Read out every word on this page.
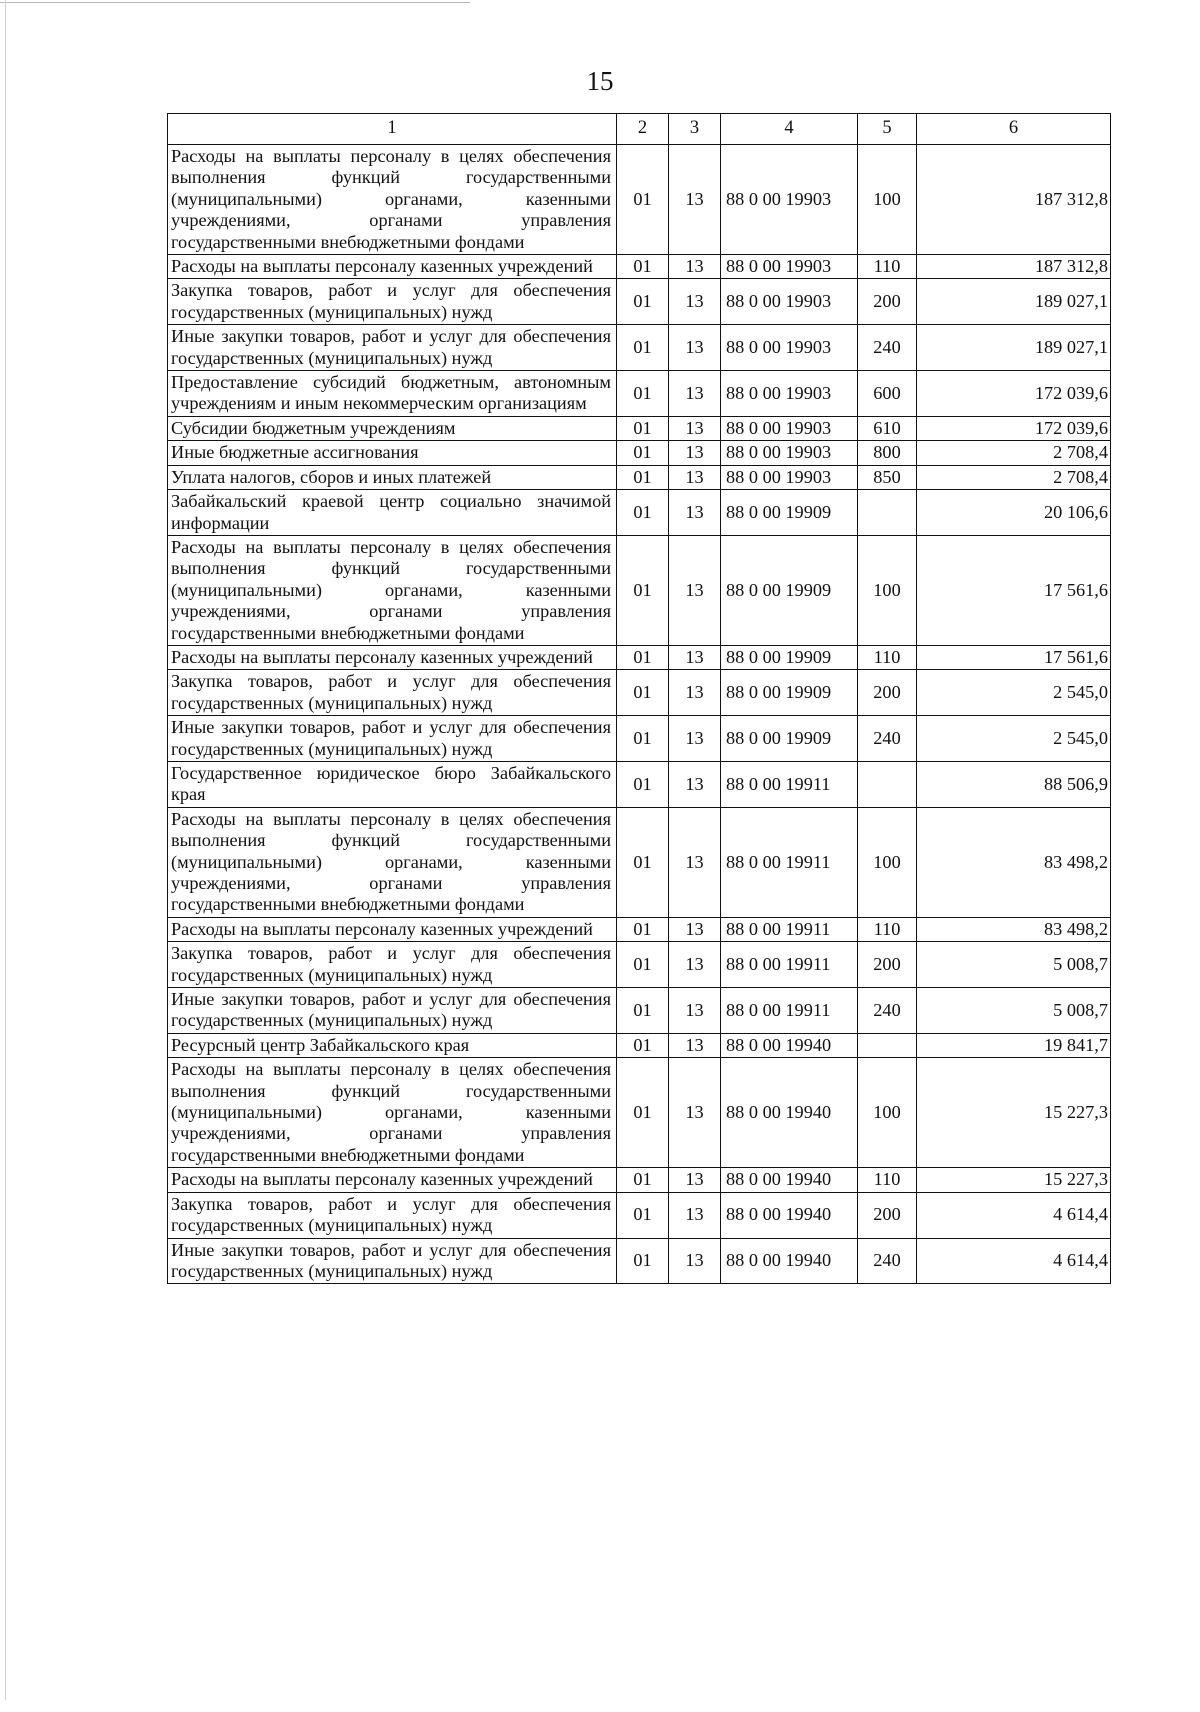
15
1	2	3	4	5	6
Расходы на выплаты персоналу в целях обеспечения выполнения функций государственными (муниципальными) органами, казенными учреждениями, органами управления государственными внебюджетными фондами	01	13	88 0 00 19903	100	187 312,8
Расходы на выплаты персоналу казенных учреждений	01	13	88 0 00 19903	110	187 312,8
Закупка товаров, работ и услуг для обеспечения государственных (муниципальных) нужд	01	13	88 0 00 19903	200	189 027,1
Иные закупки товаров, работ и услуг для обеспечения государственных (муниципальных) нужд	01	13	88 0 00 19903	240	189 027,1
Предоставление субсидий бюджетным, автономным учреждениям и иным некоммерческим организациям	01	13	88 0 00 19903	600	172 039,6
Субсидии бюджетным учреждениям	01	13	88 0 00 19903	610	172 039,6
Иные бюджетные ассигнования	01	13	88 0 00 19903	800	2 708,4
Уплата налогов, сборов и иных платежей	01	13	88 0 00 19903	850	2 708,4
Забайкальский краевой центр социально значимой информации	01	13	88 0 00 19909		20 106,6
Расходы на выплаты персоналу в целях обеспечения выполнения функций государственными (муниципальными) органами, казенными учреждениями, органами управления государственными внебюджетными фондами	01	13	88 0 00 19909	100	17 561,6
Расходы на выплаты персоналу казенных учреждений	01	13	88 0 00 19909	110	17 561,6
Закупка товаров, работ и услуг для обеспечения государственных (муниципальных) нужд	01	13	88 0 00 19909	200	2 545,0
Иные закупки товаров, работ и услуг для обеспечения государственных (муниципальных) нужд	01	13	88 0 00 19909	240	2 545,0
Государственное юридическое бюро Забайкальского края	01	13	88 0 00 19911		88 506,9
Расходы на выплаты персоналу в целях обеспечения выполнения функций государственными (муниципальными) органами, казенными учреждениями, органами управления государственными внебюджетными фондами	01	13	88 0 00 19911	100	83 498,2
Расходы на выплаты персоналу казенных учреждений	01	13	88 0 00 19911	110	83 498,2
Закупка товаров, работ и услуг для обеспечения государственных (муниципальных) нужд	01	13	88 0 00 19911	200	5 008,7
Иные закупки товаров, работ и услуг для обеспечения государственных (муниципальных) нужд	01	13	88 0 00 19911	240	5 008,7
Ресурсный центр Забайкальского края	01	13	88 0 00 19940		19 841,7
Расходы на выплаты персоналу в целях обеспечения выполнения функций государственными (муниципальными) органами, казенными учреждениями, органами управления государственными внебюджетными фондами	01	13	88 0 00 19940	100	15 227,3
Расходы на выплаты персоналу казенных учреждений	01	13	88 0 00 19940	110	15 227,3
Закупка товаров, работ и услуг для обеспечения государственных (муниципальных) нужд	01	13	88 0 00 19940	200	4 614,4
Иные закупки товаров, работ и услуг для обеспечения государственных (муниципальных) нужд	01	13	88 0 00 19940	240	4 614,4
